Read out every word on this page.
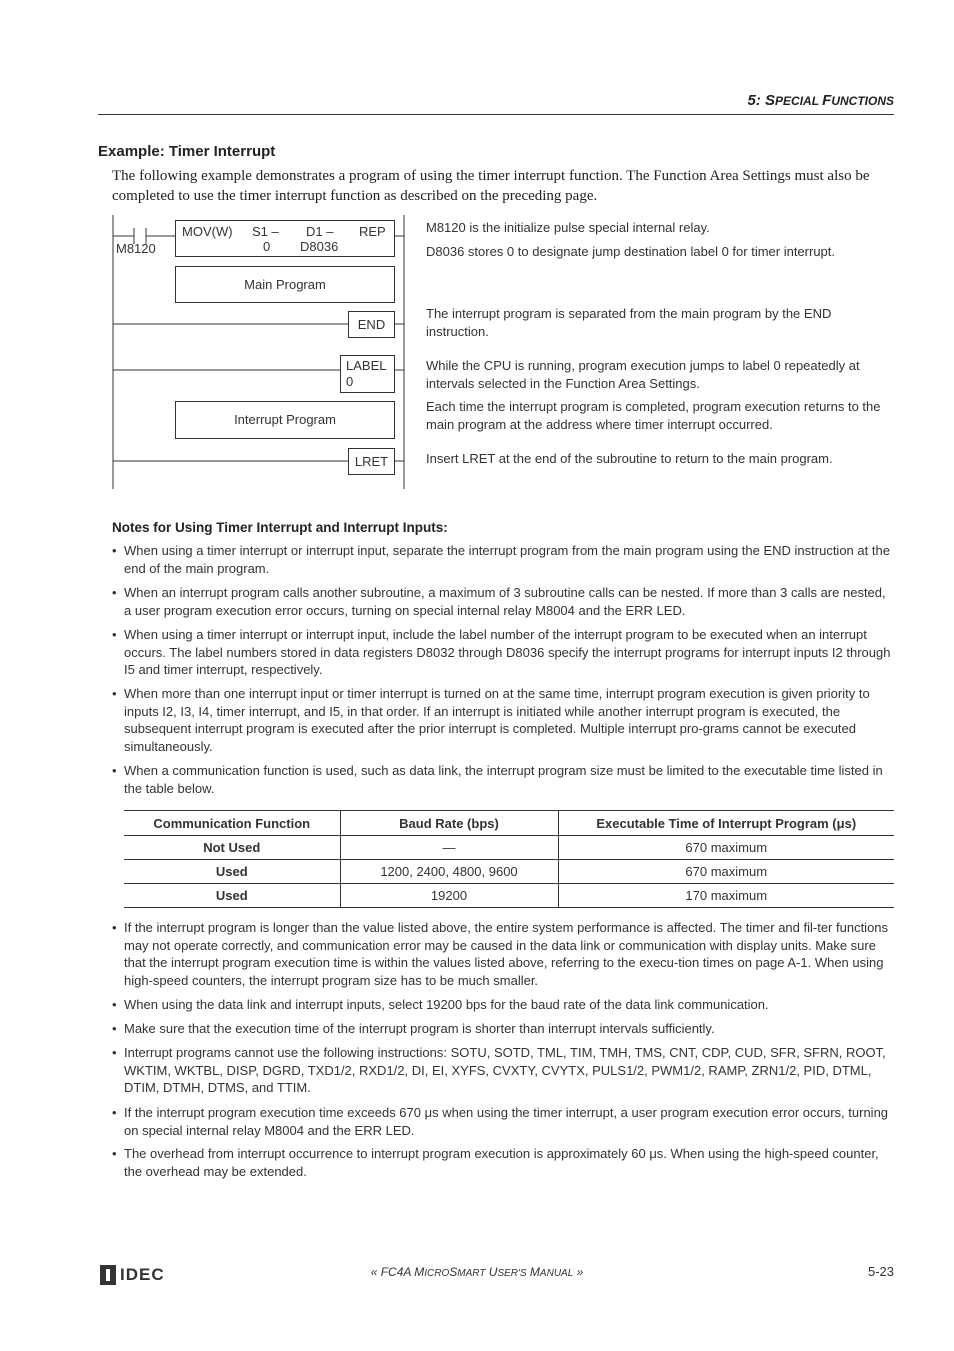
5: SPECIAL FUNCTIONS
Example: Timer Interrupt
The following example demonstrates a program of using the timer interrupt function. The Function Area Settings must also be completed to use the timer interrupt function as described on the preceding page.
M8120
MOV(W) S1 –
0
D1 –
D8036
REP
Main Program
END
LABEL
0
Interrupt Program
LRET
M8120 is the initialize pulse special internal relay.
D8036 stores 0 to designate jump destination label 0 for timer interrupt.
The interrupt program is separated from the main program by the END instruction.
While the CPU is running, program execution jumps to label 0 repeatedly at intervals selected in the Function Area Settings.
Each time the interrupt program is completed, program execution returns to the main program at the address where timer interrupt occurred.
Insert LRET at the end of the subroutine to return to the main program.
Notes for Using Timer Interrupt and Interrupt Inputs:
• When using a timer interrupt or interrupt input, separate the interrupt program from the main program using the END instruction at the end of the main program.
• When an interrupt program calls another subroutine, a maximum of 3 subroutine calls can be nested. If more than 3 calls are nested, a user program execution error occurs, turning on special internal relay M8004 and the ERR LED.
• When using a timer interrupt or interrupt input, include the label number of the interrupt program to be executed when an interrupt occurs. The label numbers stored in data registers D8032 through D8036 specify the interrupt programs for interrupt inputs I2 through I5 and timer interrupt, respectively.
• When more than one interrupt input or timer interrupt is turned on at the same time, interrupt program execution is given priority to inputs I2, I3, I4, timer interrupt, and I5, in that order. If an interrupt is initiated while another interrupt program is executed, the subsequent interrupt program is executed after the prior interrupt is completed. Multiple interrupt pro-grams cannot be executed simultaneously.
• When a communication function is used, such as data link, the interrupt program size must be limited to the executable time listed in the table below.
Communication Function	Baud Rate (bps)	Executable Time of Interrupt Program (μs)
Not Used	—	670 maximum
Used	1200, 2400, 4800, 9600	670 maximum
Used	19200	170 maximum
• If the interrupt program is longer than the value listed above, the entire system performance is affected. The timer and fil-ter functions may not operate correctly, and communication error may be caused in the data link or communication with display units. Make sure that the interrupt program execution time is within the values listed above, referring to the execu-tion times on page A-1. When using high-speed counters, the interrupt program size has to be much smaller.
• When using the data link and interrupt inputs, select 19200 bps for the baud rate of the data link communication.
• Make sure that the execution time of the interrupt program is shorter than interrupt intervals sufficiently.
• Interrupt programs cannot use the following instructions: SOTU, SOTD, TML, TIM, TMH, TMS, CNT, CDP, CUD, SFR, SFRN, ROOT, WKTIM, WKTBL, DISP, DGRD, TXD1/2, RXD1/2, DI, EI, XYFS, CVXTY, CVYTX, PULS1/2, PWM1/2, RAMP, ZRN1/2, PID, DTML, DTIM, DTMH, DTMS, and TTIM.
• If the interrupt program execution time exceeds 670 μs when using the timer interrupt, a user program execution error occurs, turning on special internal relay M8004 and the ERR LED.
• The overhead from interrupt occurrence to interrupt program execution is approximately 60 μs. When using the high-speed counter, the overhead may be extended.
IDEC	« FC4A MICROSMART USER'S MANUAL »	5-23
